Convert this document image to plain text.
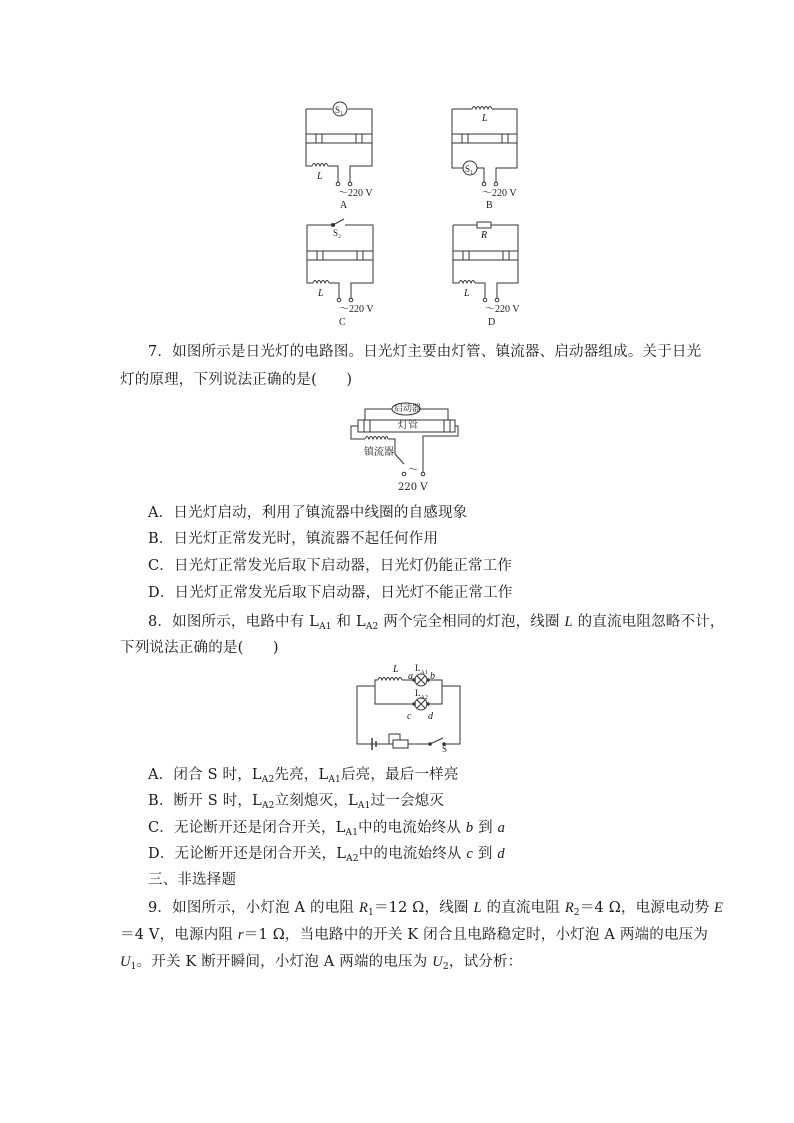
S₁
L
～220 V
A
L
S₁
～220 V
B
S₂
L
～220 V
C
R
L
～220 V
D
7．如图所示是日光灯的电路图。日光灯主要由灯管、镇流器、启动器组成。关于日光
灯的原理，下列说法正确的是(　　)
启动器
灯管
镇流器
～
220 V
A．日光灯启动，利用了镇流器中线圈的自感现象
B．日光灯正常发光时，镇流器不起任何作用
C．日光灯正常发光后取下启动器，日光灯仍能正常工作
D．日光灯正常发光后取下启动器，日光灯不能正常工作
8．如图所示，电路中有 $L_{A1}$ 和 $L_{A2}$ 两个完全相同的灯泡，线圈 L 的直流电阻忽略不计，
下列说法正确的是(　　)
L $L_{A1}$
a b
$L_{A2}$
c d
S
A．闭合 S 时，$L_{A2}$先亮，$L_{A1}$后亮，最后一样亮
B．断开 S 时，$L_{A2}$立刻熄灭，$L_{A1}$过一会熄灭
C．无论断开还是闭合开关，$L_{A1}$中的电流始终从 b 到 a
D．无论断开还是闭合开关，$L_{A2}$中的电流始终从 c 到 d
三、非选择题
9．如图所示，小灯泡 A 的电阻 $R_1=12$ Ω，线圈 L 的直流电阻 $R_2=4$ Ω，电源电动势 E
＝4 V，电源内阻 r＝1 Ω，当电路中的开关 K 闭合且电路稳定时，小灯泡 A 两端的电压为
$U_1$。开关 K 断开瞬间，小灯泡 A 两端的电压为 $U_2$，试分析：
